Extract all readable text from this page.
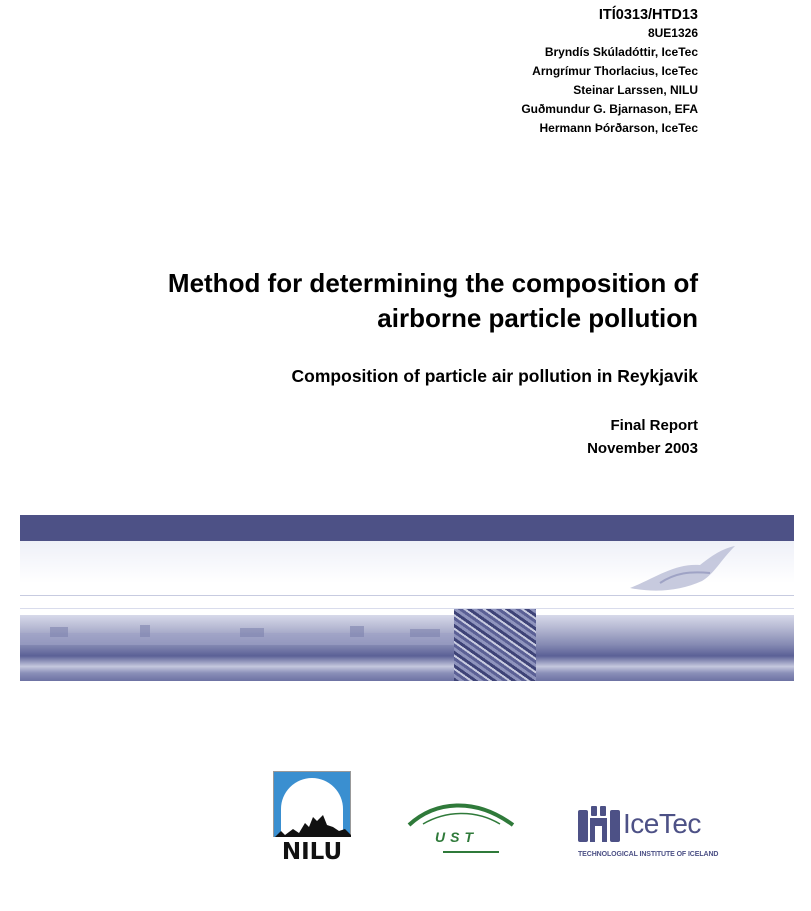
ITÍ0313/HTD13
8UE1326
Bryndís Skúladóttir, IceTec
Arngrímur Thorlacius, IceTec
Steinar Larssen, NILU
Guðmundur G. Bjarnason, EFA
Hermann Þórðarson, IceTec
Method for determining the composition of
airborne particle pollution
Composition of particle air pollution in Reykjavik
Final Report
November 2003
NILU
UST	IceTec
TECHNOLOGICAL INSTITUTE OF ICELAND
